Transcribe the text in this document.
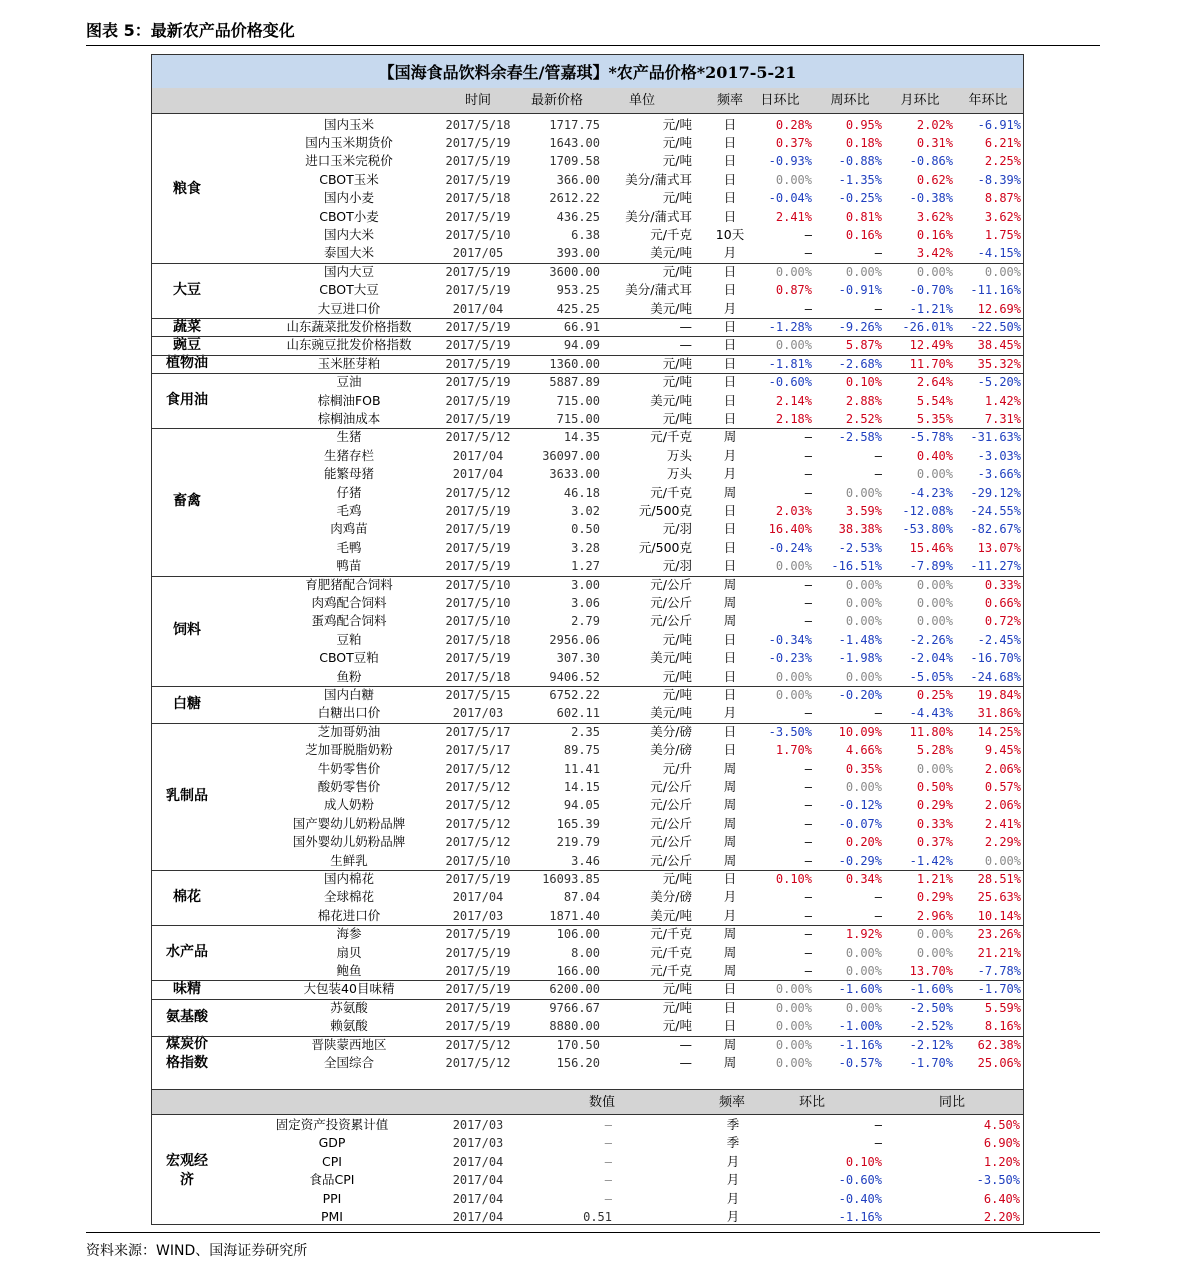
图表 5：最新农产品价格变化
【国海食品饮料余春生/管嘉琪】*农产品价格*2017-5-21
时间	最新价格	单位	频率	日环比	周环比	月环比	年环比
粮食
国内玉米	2017/5/18	1717.75	元/吨	日	0.28%	0.95%	2.02%	-6.91%
国内玉米期货价	2017/5/19	1643.00	元/吨	日	0.37%	0.18%	0.31%	6.21%
进口玉米完税价	2017/5/19	1709.58	元/吨	日	-0.93%	-0.88%	-0.86%	2.25%
CBOT玉米	2017/5/19	366.00	美分/蒲式耳	日	0.00%	-1.35%	0.62%	-8.39%
国内小麦	2017/5/18	2612.22	元/吨	日	-0.04%	-0.25%	-0.38%	8.87%
CBOT小麦	2017/5/19	436.25	美分/蒲式耳	日	2.41%	0.81%	3.62%	3.62%
国内大米	2017/5/10	6.38	元/千克	10天	—	0.16%	0.16%	1.75%
泰国大米	2017/05	393.00	美元/吨	月	—	—	3.42%	-4.15%
大豆
国内大豆	2017/5/19	3600.00	元/吨	日	0.00%	0.00%	0.00%	0.00%
CBOT大豆	2017/5/19	953.25	美分/蒲式耳	日	0.87%	-0.91%	-0.70%	-11.16%
大豆进口价	2017/04	425.25	美元/吨	月	—	—	-1.21%	12.69%
蔬菜	山东蔬菜批发价格指数	2017/5/19	66.91	—	日	-1.28%	-9.26%	-26.01%	-22.50%
豌豆	山东豌豆批发价格指数	2017/5/19	94.09	—	日	0.00%	5.87%	12.49%	38.45%
植物油	玉米胚芽粕	2017/5/19	1360.00	元/吨	日	-1.81%	-2.68%	11.70%	35.32%
食用油
豆油	2017/5/19	5887.89	元/吨	日	-0.60%	0.10%	2.64%	-5.20%
棕榈油FOB	2017/5/19	715.00	美元/吨	日	2.14%	2.88%	5.54%	1.42%
棕榈油成本	2017/5/19	715.00	元/吨	日	2.18%	2.52%	5.35%	7.31%
畜禽
生猪	2017/5/12	14.35	元/千克	周	—	-2.58%	-5.78%	-31.63%
生猪存栏	2017/04	36097.00	万头	月	—	—	0.40%	-3.03%
能繁母猪	2017/04	3633.00	万头	月	—	—	0.00%	-3.66%
仔猪	2017/5/12	46.18	元/千克	周	—	0.00%	-4.23%	-29.12%
毛鸡	2017/5/19	3.02	元/500克	日	2.03%	3.59%	-12.08%	-24.55%
肉鸡苗	2017/5/19	0.50	元/羽	日	16.40%	38.38%	-53.80%	-82.67%
毛鸭	2017/5/19	3.28	元/500克	日	-0.24%	-2.53%	15.46%	13.07%
鸭苗	2017/5/19	1.27	元/羽	日	0.00%	-16.51%	-7.89%	-11.27%
饲料
育肥猪配合饲料	2017/5/10	3.00	元/公斤	周	—	0.00%	0.00%	0.33%
肉鸡配合饲料	2017/5/10	3.06	元/公斤	周	—	0.00%	0.00%	0.66%
蛋鸡配合饲料	2017/5/10	2.79	元/公斤	周	—	0.00%	0.00%	0.72%
豆粕	2017/5/18	2956.06	元/吨	日	-0.34%	-1.48%	-2.26%	-2.45%
CBOT豆粕	2017/5/19	307.30	美元/吨	日	-0.23%	-1.98%	-2.04%	-16.70%
鱼粉	2017/5/18	9406.52	元/吨	日	0.00%	0.00%	-5.05%	-24.68%
白糖
国内白糖	2017/5/15	6752.22	元/吨	日	0.00%	-0.20%	0.25%	19.84%
白糖出口价	2017/03	602.11	美元/吨	月	—	—	-4.43%	31.86%
乳制品
芝加哥奶油	2017/5/17	2.35	美分/磅	日	-3.50%	10.09%	11.80%	14.25%
芝加哥脱脂奶粉	2017/5/17	89.75	美分/磅	日	1.70%	4.66%	5.28%	9.45%
牛奶零售价	2017/5/12	11.41	元/升	周	—	0.35%	0.00%	2.06%
酸奶零售价	2017/5/12	14.15	元/公斤	周	—	0.00%	0.50%	0.57%
成人奶粉	2017/5/12	94.05	元/公斤	周	—	-0.12%	0.29%	2.06%
国产婴幼儿奶粉品牌	2017/5/12	165.39	元/公斤	周	—	-0.07%	0.33%	2.41%
国外婴幼儿奶粉品牌	2017/5/12	219.79	元/公斤	周	—	0.20%	0.37%	2.29%
生鲜乳	2017/5/10	3.46	元/公斤	周	—	-0.29%	-1.42%	0.00%
棉花
国内棉花	2017/5/19	16093.85	元/吨	日	0.10%	0.34%	1.21%	28.51%
全球棉花	2017/04	87.04	美分/磅	月	—	—	0.29%	25.63%
棉花进口价	2017/03	1871.40	美元/吨	月	—	—	2.96%	10.14%
水产品
海参	2017/5/19	106.00	元/千克	周	—	1.92%	0.00%	23.26%
扇贝	2017/5/19	8.00	元/千克	周	—	0.00%	0.00%	21.21%
鲍鱼	2017/5/19	166.00	元/千克	周	—	0.00%	13.70%	-7.78%
味精	大包装40目味精	2017/5/19	6200.00	元/吨	日	0.00%	-1.60%	-1.60%	-1.70%
氨基酸
苏氨酸	2017/5/19	9766.67	元/吨	日	0.00%	0.00%	-2.50%	5.59%
赖氨酸	2017/5/19	8880.00	元/吨	日	0.00%	-1.00%	-2.52%	8.16%
煤炭价
格指数
晋陕蒙西地区	2017/5/12	170.50	—	周	0.00%	-1.16%	-2.12%	62.38%
全国综合	2017/5/12	156.20	—	周	0.00%	-0.57%	-1.70%	25.06%
数值	频率	环比	同比
宏观经
济
固定资产投资累计值	2017/03	—	季	—	4.50%
GDP	2017/03	—	季	—	6.90%
CPI	2017/04	—	月	0.10%	1.20%
食品CPI	2017/04	—	月	-0.60%	-3.50%
PPI	2017/04	—	月	-0.40%	6.40%
PMI	2017/04	0.51	月	-1.16%	2.20%
资料来源：WIND、国海证券研究所
